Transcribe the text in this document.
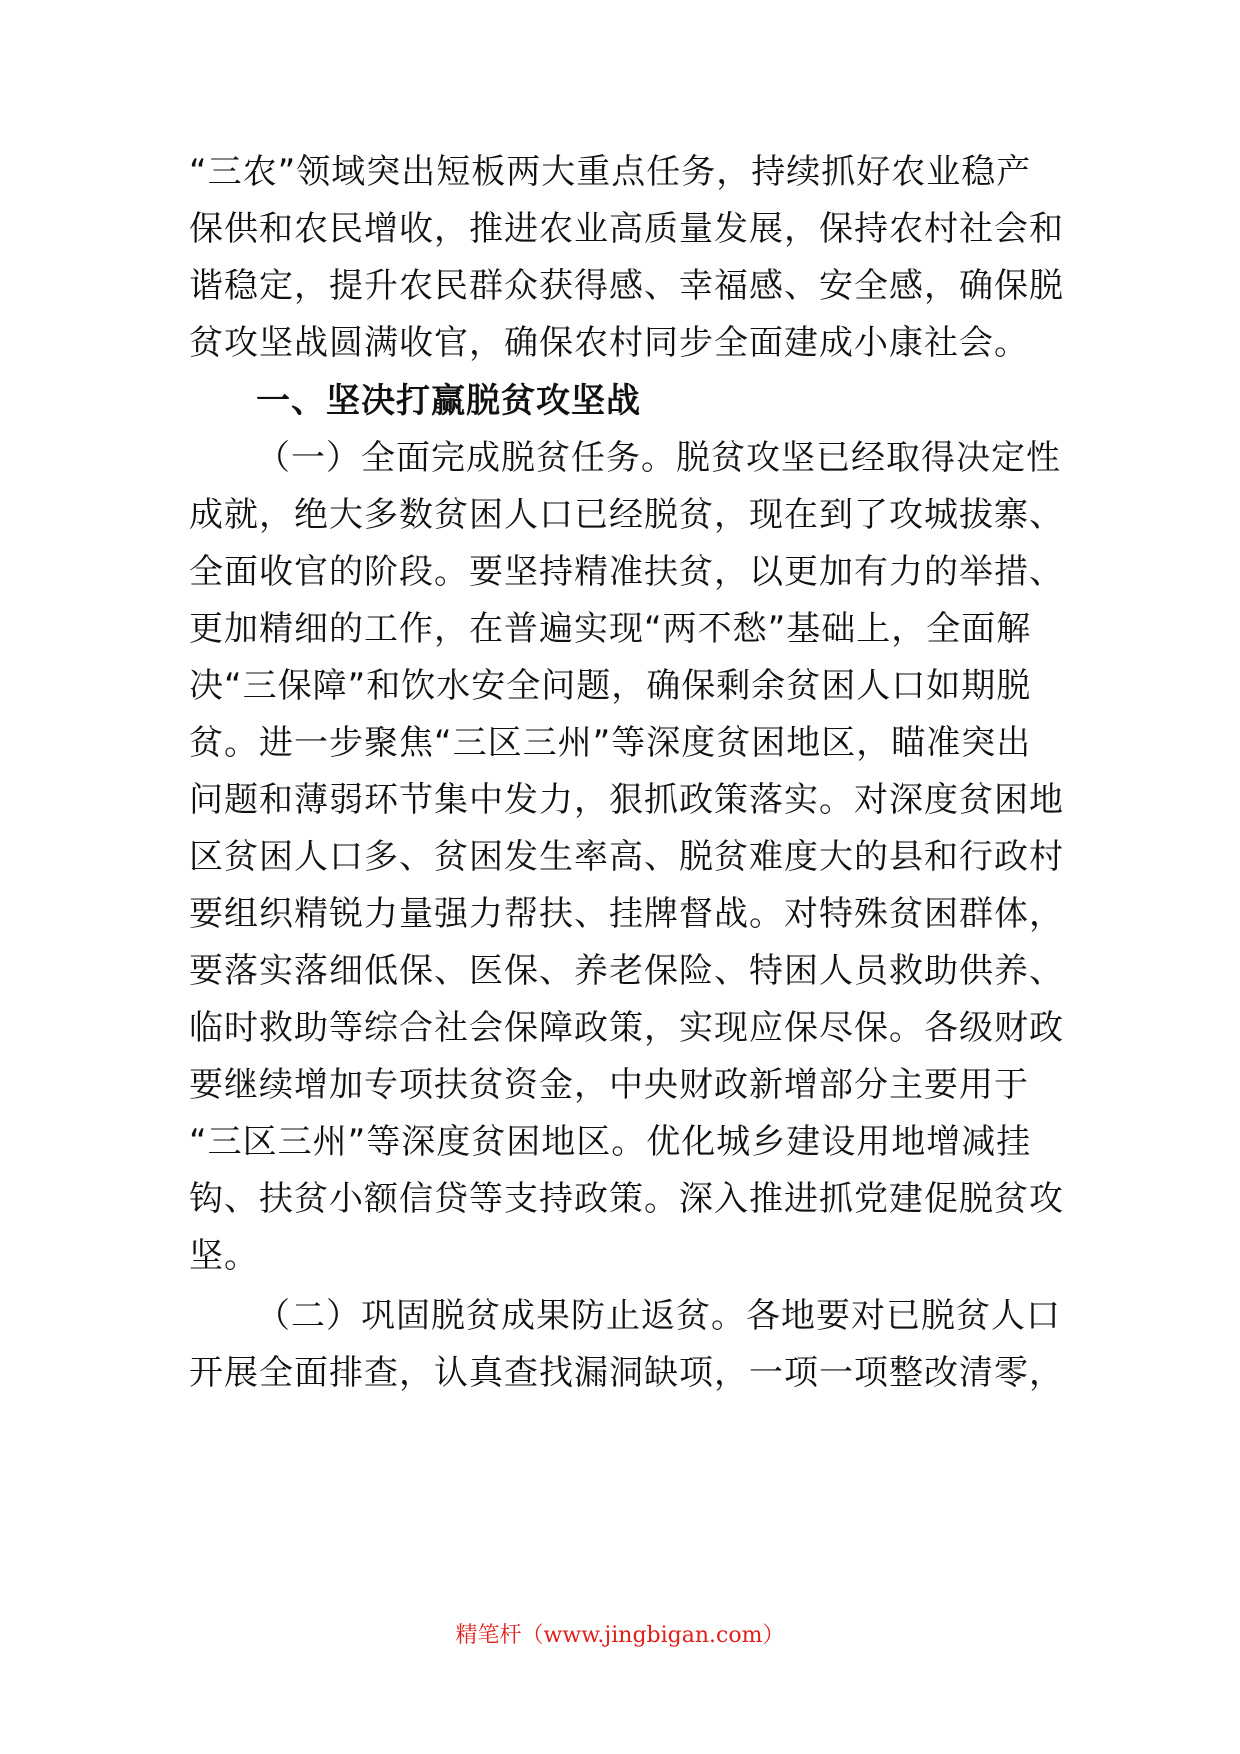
“三农”领域突出短板两大重点任务，持续抓好农业稳产
保供和农民增收，推进农业高质量发展，保持农村社会和
谐稳定，提升农民群众获得感、幸福感、安全感，确保脱
贫攻坚战圆满收官，确保农村同步全面建成小康社会。
一、坚决打赢脱贫攻坚战
（一）全面完成脱贫任务。脱贫攻坚已经取得决定性
成就，绝大多数贫困人口已经脱贫，现在到了攻城拔寨、
全面收官的阶段。要坚持精准扶贫，以更加有力的举措、
更加精细的工作，在普遍实现“两不愁”基础上，全面解
决“三保障”和饮水安全问题，确保剩余贫困人口如期脱
贫。进一步聚焦“三区三州”等深度贫困地区，瞄准突出
问题和薄弱环节集中发力，狠抓政策落实。对深度贫困地
区贫困人口多、贫困发生率高、脱贫难度大的县和行政村
要组织精锐力量强力帮扶、挂牌督战。对特殊贫困群体，
要落实落细低保、医保、养老保险、特困人员救助供养、
临时救助等综合社会保障政策，实现应保尽保。各级财政
要继续增加专项扶贫资金，中央财政新增部分主要用于
“三区三州”等深度贫困地区。优化城乡建设用地增减挂
钩、扶贫小额信贷等支持政策。深入推进抓党建促脱贫攻
坚。
（二）巩固脱贫成果防止返贫。各地要对已脱贫人口
开展全面排查，认真查找漏洞缺项，一项一项整改清零，
精笔杆（www.jingbigan.com）
